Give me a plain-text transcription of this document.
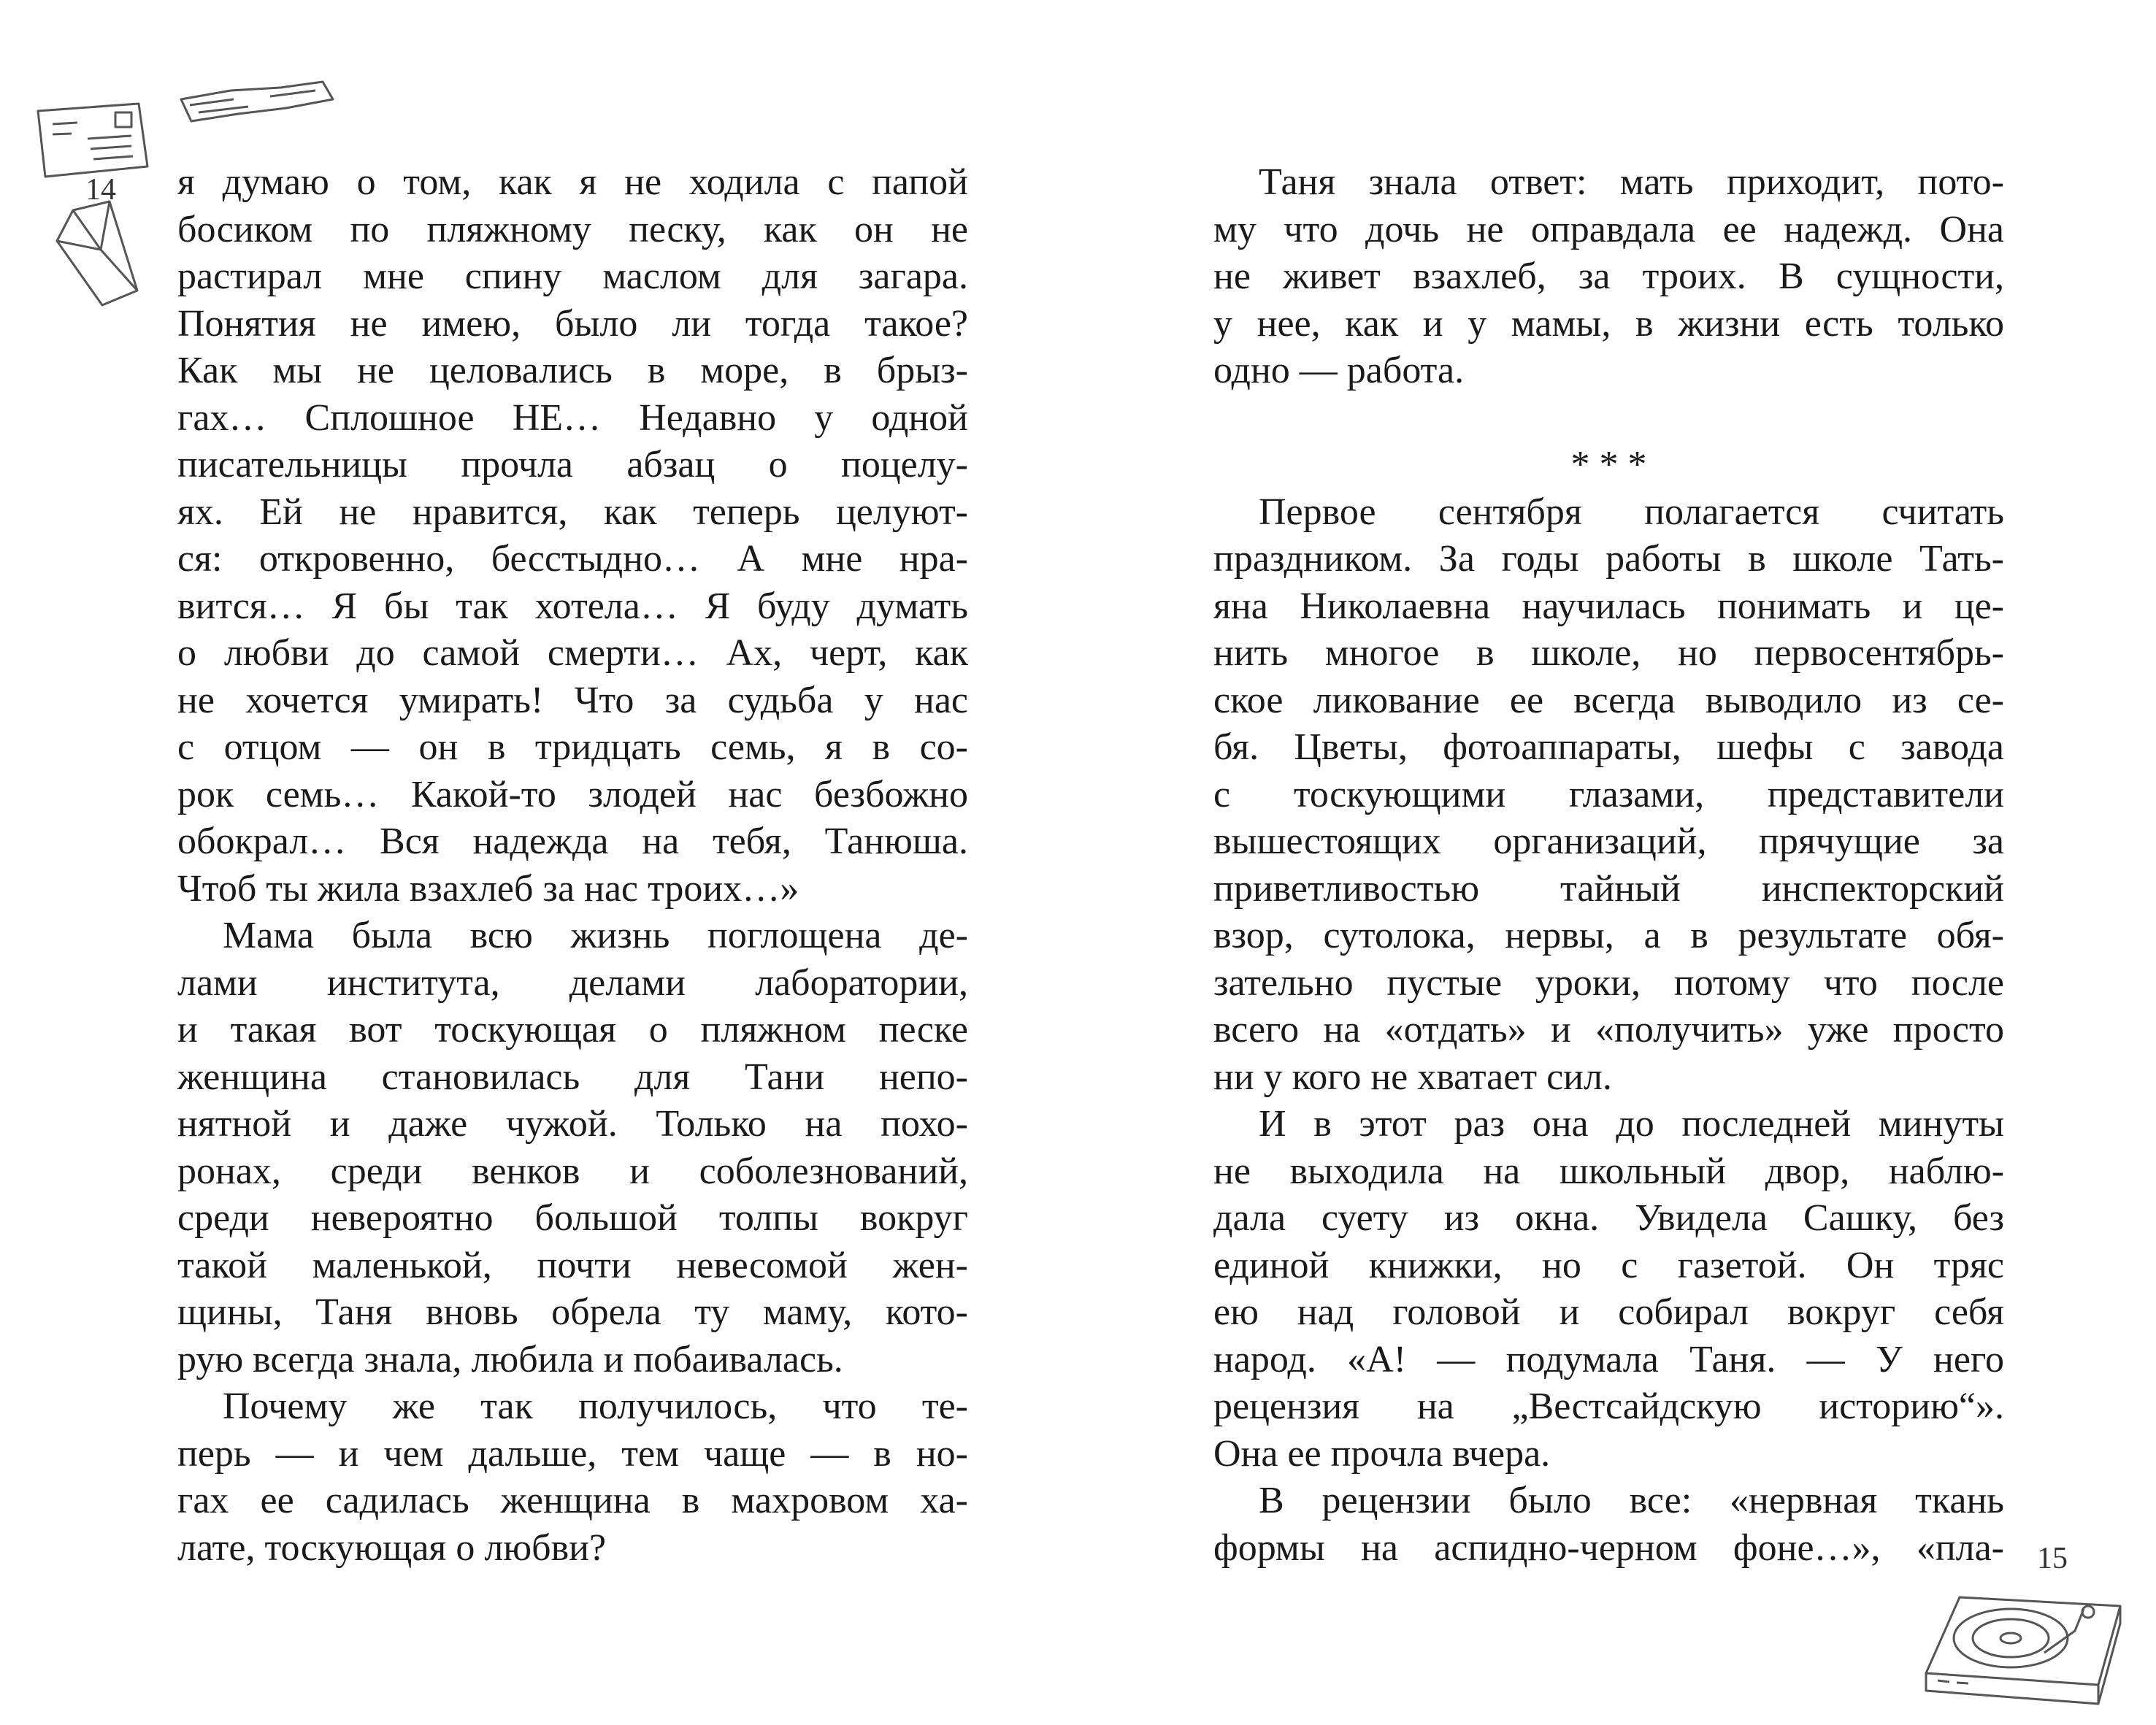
14 я думаю о том, как я не ходила с папой
босиком по пляжному песку, как он не
растирал мне спину маслом для загара.
Понятия не имею, было ли тогда такое?
Как мы не целовались в море, в брыз-
гах… Сплошное НЕ… Недавно у одной
писательницы прочла абзац о поцелу-
ях. Ей не нравится, как теперь целуют-
ся: откровенно, бесстыдно… А мне нра-
вится… Я бы так хотела… Я буду думать
о любви до самой смерти… Ах, черт, как
не хочется умирать! Что за судьба у нас
с отцом — он в тридцать семь, я в со-
рок семь… Какой-то злодей нас безбожно
обокрал… Вся надежда на тебя, Танюша.
Чтоб ты жила взахлеб за нас троих…»
Мама была всю жизнь поглощена де-
лами института, делами лаборатории,
и такая вот тоскующая о пляжном песке
женщина становилась для Тани непо-
нятной и даже чужой. Только на похо-
ронах, среди венков и соболезнований,
среди невероятно большой толпы вокруг
такой маленькой, почти невесомой жен-
щины, Таня вновь обрела ту маму, кото-
рую всегда знала, любила и побаивалась.
Почему же так получилось, что те-
перь — и чем дальше, тем чаще — в но-
гах ее садилась женщина в махровом ха-
лате, тоскующая о любви?
Таня знала ответ: мать приходит, пото-
му что дочь не оправдала ее надежд. Она
не живет взахлеб, за троих. В сущности,
у нее, как и у мамы, в жизни есть только
одно — работа.
* * *
Первое сентября полагается считать
праздником. За годы работы в школе Тать-
яна Николаевна научилась понимать и це-
нить многое в школе, но первосентябрь-
ское ликование ее всегда выводило из се-
бя. Цветы, фотоаппараты, шефы с завода
с тоскующими глазами, представители
вышестоящих организаций, прячущие за
приветливостью тайный инспекторский
взор, сутолока, нервы, а в результате обя-
зательно пустые уроки, потому что после
всего на «отдать» и «получить» уже просто
ни у кого не хватает сил.
И в этот раз она до последней минуты
не выходила на школьный двор, наблю-
дала суету из окна. Увидела Сашку, без
единой книжки, но с газетой. Он тряс
ею над головой и собирал вокруг себя
народ. «А! — подумала Таня. — У него
рецензия на „Вестсайдскую историю“».
Она ее прочла вчера.
В рецензии было все: «нервная ткань
формы на аспидно-черном фоне…», «пла- 15
